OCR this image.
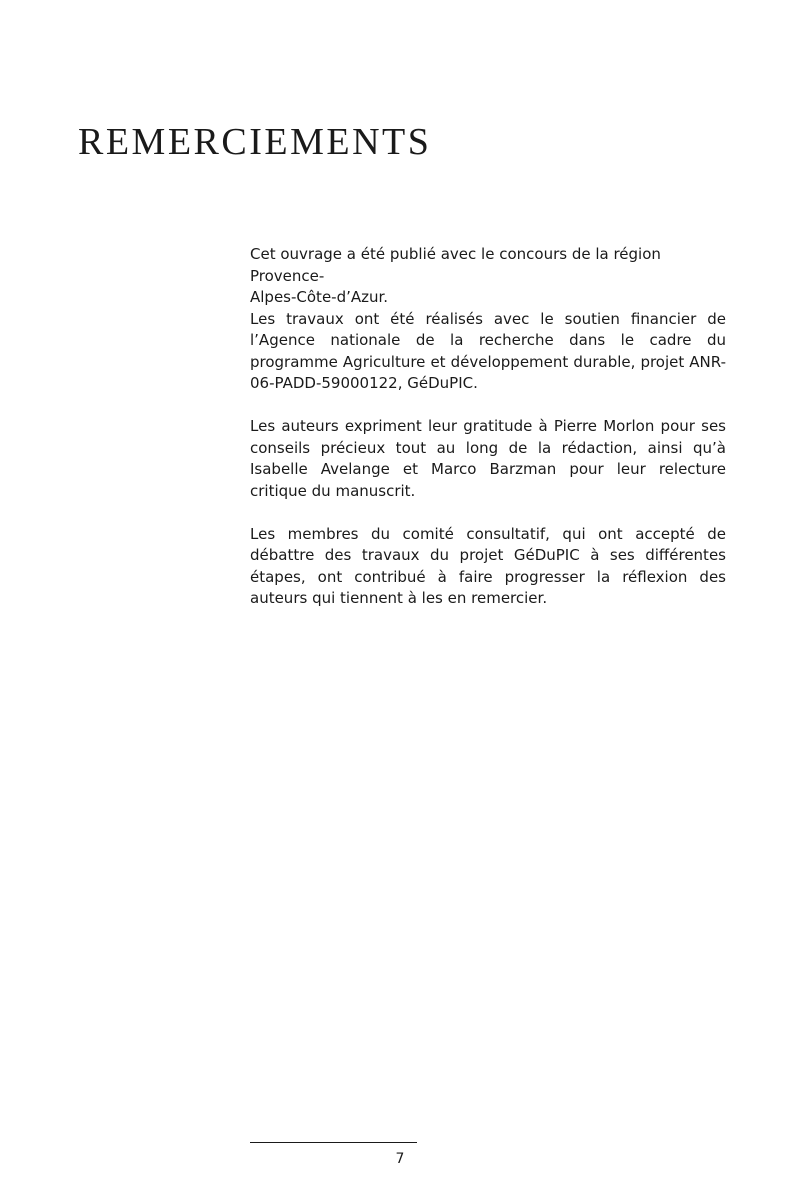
REMERCIEMENTS

Cet ouvrage a été publié avec le concours de la région Provence-

Alpes-Côte-d’Azur.

Les travaux ont été réalisés avec le soutien financier de l’Agence nationale de la recherche dans le cadre du programme Agriculture et développement durable, projet ANR- 06-PADD-59000122, GéDuPIC.

Les auteurs expriment leur gratitude à Pierre Morlon pour ses conseils précieux tout au long de la rédaction, ainsi qu’à Isabelle Avelange et Marco Barzman pour leur relecture critique du manuscrit.

Les membres du comité consultatif, qui ont accepté de débattre des travaux du projet GéDuPIC à ses différentes étapes, ont contribué à faire progresser la réflexion des auteurs qui tiennent à les en remercier.

7
